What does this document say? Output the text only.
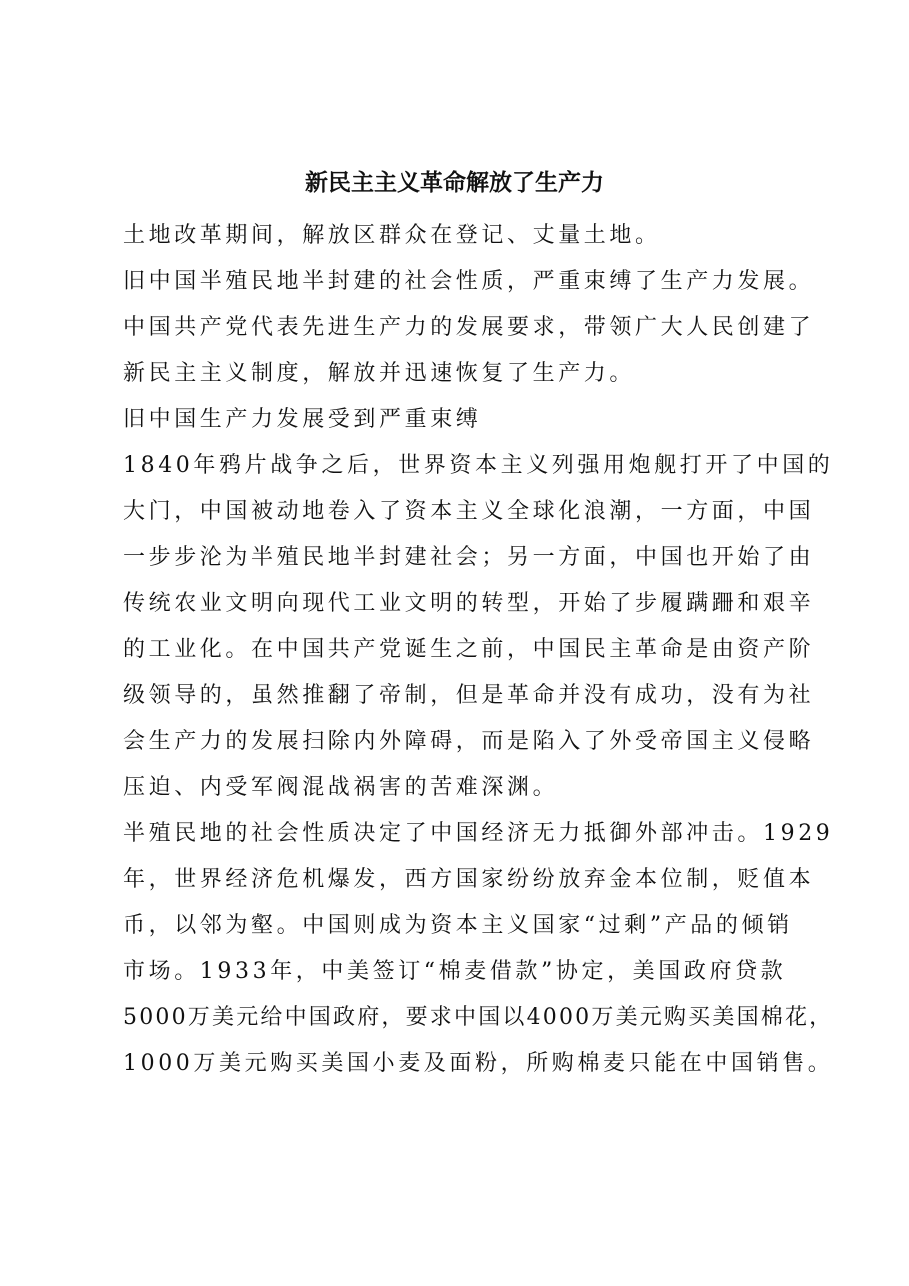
新民主主义革命解放了生产力
土地改革期间，解放区群众在登记、丈量土地。
旧中国半殖民地半封建的社会性质，严重束缚了生产力发展。
中国共产党代表先进生产力的发展要求，带领广大人民创建了
新民主主义制度，解放并迅速恢复了生产力。
旧中国生产力发展受到严重束缚
1840年鸦片战争之后，世界资本主义列强用炮舰打开了中国的
大门，中国被动地卷入了资本主义全球化浪潮，一方面，中国
一步步沦为半殖民地半封建社会；另一方面，中国也开始了由
传统农业文明向现代工业文明的转型，开始了步履蹒跚和艰辛
的工业化。在中国共产党诞生之前，中国民主革命是由资产阶
级领导的，虽然推翻了帝制，但是革命并没有成功，没有为社
会生产力的发展扫除内外障碍，而是陷入了外受帝国主义侵略
压迫、内受军阀混战祸害的苦难深渊。
半殖民地的社会性质决定了中国经济无力抵御外部冲击。1929
年，世界经济危机爆发，西方国家纷纷放弃金本位制，贬值本
币，以邻为壑。中国则成为资本主义国家“过剩”产品的倾销
市场。1933年，中美签订“棉麦借款”协定，美国政府贷款
5000万美元给中国政府，要求中国以4000万美元购买美国棉花，
1000万美元购买美国小麦及面粉，所购棉麦只能在中国销售。
